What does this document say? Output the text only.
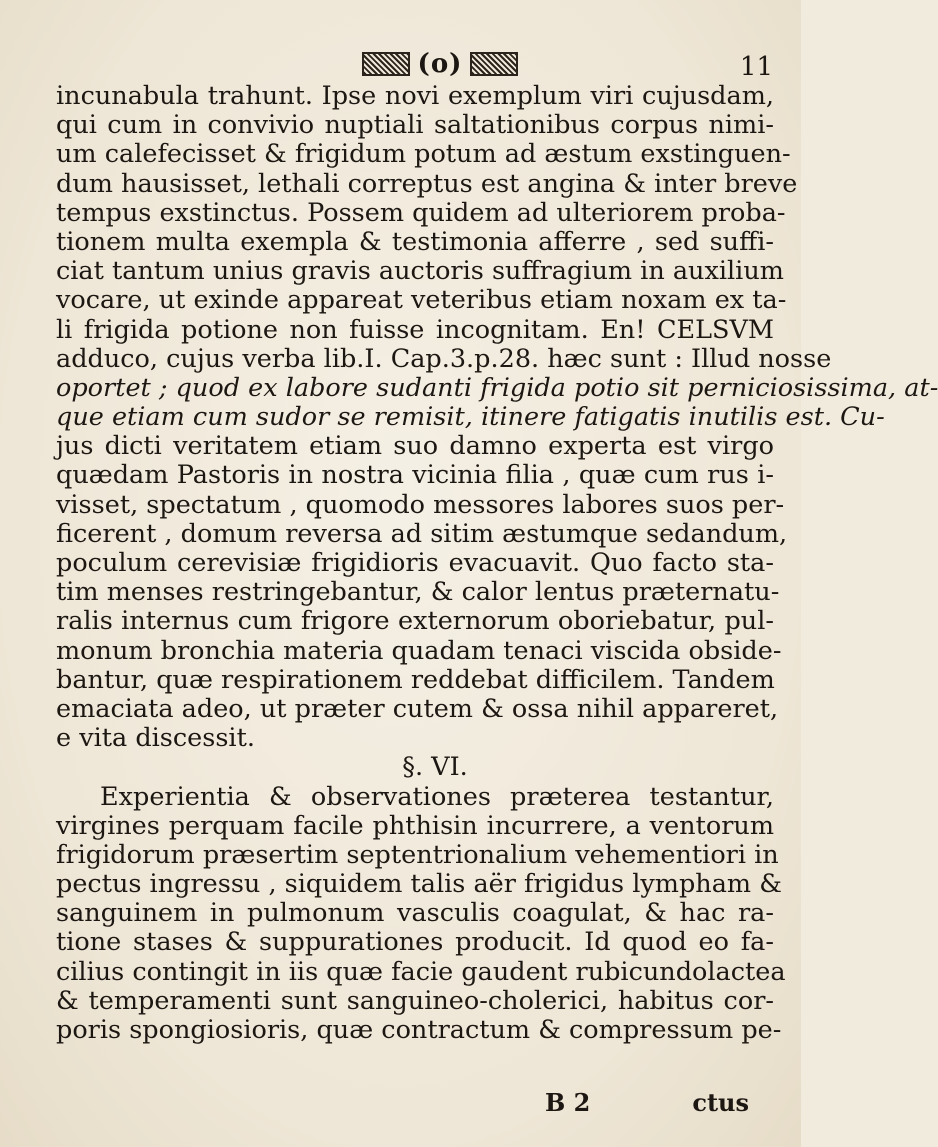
(o)	11
incunabula trahunt. Ipse novi exemplum viri cujusdam,
qui cum in convivio nuptiali saltationibus corpus nimi-
um calefecisset & frigidum potum ad æstum exstinguen-
dum hausisset, lethali correptus est angina & inter breve
tempus exstinctus. Possem quidem ad ulteriorem proba-
tionem multa exempla & testimonia afferre , sed suffi-
ciat tantum unius gravis auctoris suffragium in auxilium
vocare, ut exinde appareat veteribus etiam noxam ex ta-
li frigida potione non fuisse incognitam. En! CELSVM
adduco, cujus verba lib.I. Cap.3.p.28. hæc sunt : Illud nosse
oportet ; quod ex labore sudanti frigida potio sit perniciosissima, at-
que etiam cum sudor se remisit, itinere fatigatis inutilis est. Cu-
jus dicti veritatem etiam suo damno experta est virgo
quædam Pastoris in nostra vicinia filia , quæ cum rus i-
visset, spectatum , quomodo messores labores suos per-
ficerent , domum reversa ad sitim æstumque sedandum,
poculum cerevisiæ frigidioris evacuavit. Quo facto sta-
tim menses restringebantur, & calor lentus præternatu-
ralis internus cum frigore externorum oboriebatur, pul-
monum bronchia materia quadam tenaci viscida obside-
bantur, quæ respirationem reddebat difficilem. Tandem
emaciata adeo, ut præter cutem & ossa nihil appareret,
e vita discessit.
§. VI.
Experientia & observationes præterea testantur,
virgines perquam facile phthisin incurrere, a ventorum
frigidorum præsertim septentrionalium vehementiori in
pectus ingressu , siquidem talis aër frigidus lympham &
sanguinem in pulmonum vasculis coagulat, & hac ra-
tione stases & suppurationes producit. Id quod eo fa-
cilius contingit in iis quæ facie gaudent rubicundolactea
& temperamenti sunt sanguineo-cholerici, habitus cor-
poris spongiosioris, quæ contractum & compressum pe-
B 2	ctus
